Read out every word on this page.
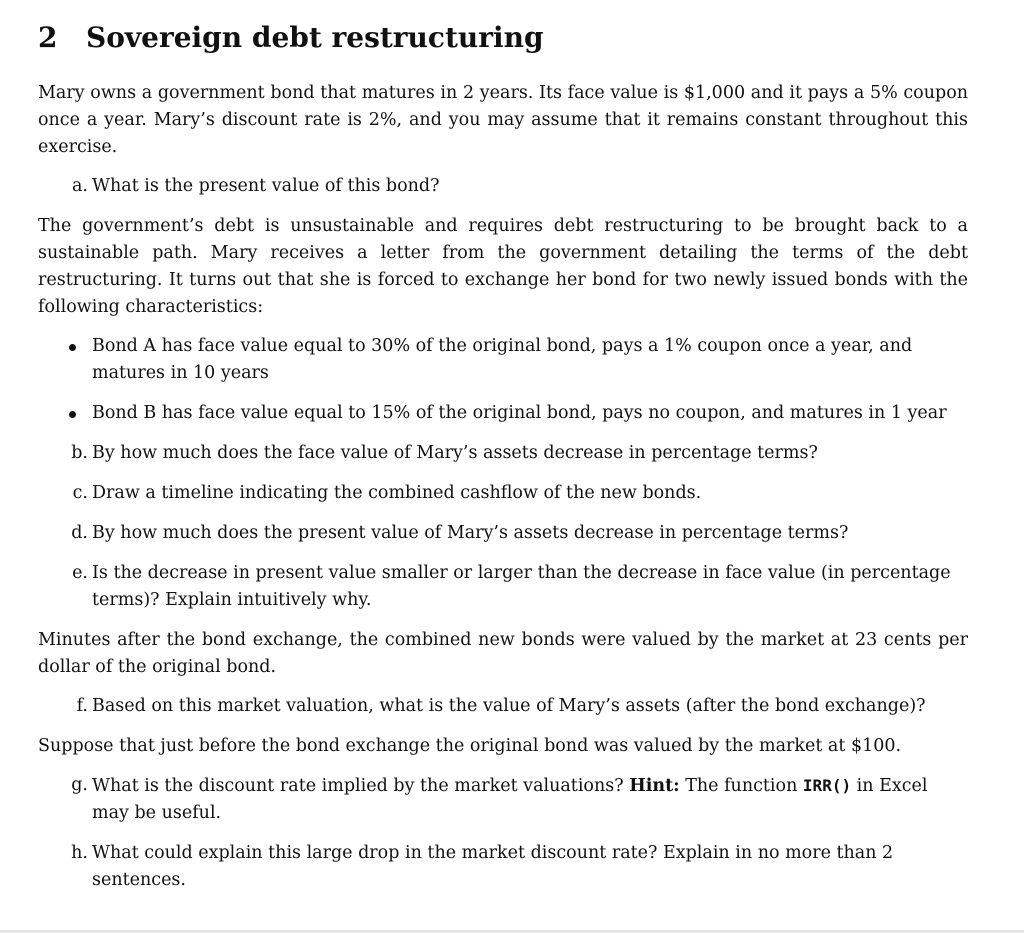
2	Sovereign debt restructuring

Mary owns a government bond that matures in 2 years. Its face value is $1,000 and it pays a 5% coupon once a year. Mary’s discount rate is 2%, and you may assume that it remains constant throughout this exercise.

a. What is the present value of this bond?

The government’s debt is unsustainable and requires debt restructuring to be brought back to a sustainable path. Mary receives a letter from the government detailing the terms of the debt restructuring. It turns out that she is forced to exchange her bond for two newly issued bonds with the following characteristics:

Bond A has face value equal to 30% of the original bond, pays a 1% coupon once a year, and matures in 10 years
Bond B has face value equal to 15% of the original bond, pays no coupon, and matures in 1 year
b. By how much does the face value of Mary’s assets decrease in percentage terms?
c. Draw a timeline indicating the combined cashflow of the new bonds.
d. By how much does the present value of Mary’s assets decrease in percentage terms?
e. Is the decrease in present value smaller or larger than the decrease in face value (in percentage terms)? Explain intuitively why.

Minutes after the bond exchange, the combined new bonds were valued by the market at 23 cents per dollar of the original bond.

f. Based on this market valuation, what is the value of Mary’s assets (after the bond exchange)?

Suppose that just before the bond exchange the original bond was valued by the market at $100.

g. What is the discount rate implied by the market valuations? Hint: The function IRR() in Excel may be useful.
h. What could explain this large drop in the market discount rate? Explain in no more than 2 sentences.
